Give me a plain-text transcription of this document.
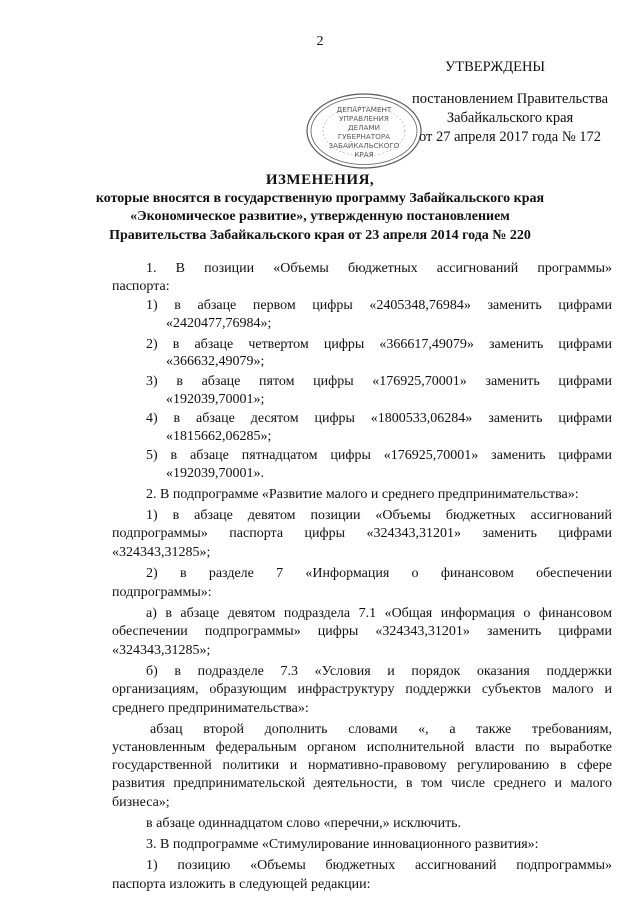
2
УТВЕРЖДЕНЫ
ДЕПАРТАМЕНТ
УПРАВЛЕНИЯ
ДЕЛАМИ
ГУБЕРНАТОРА
ЗАБАЙКАЛЬСКОГО
КРАЯ
постановлением Правительства
Забайкальского края
от 27 апреля 2017 года № 172
ИЗМЕНЕНИЯ,
которые вносятся в государственную программу Забайкальского края
«Экономическое развитие», утвержденную постановлением
Правительства Забайкальского края от 23 апреля 2014 года № 220
1. В позиции «Объемы бюджетных ассигнований программы»
паспорта:
1) в абзаце первом цифры «2405348,76984» заменить цифрами
«2420477,76984»;
2) в абзаце четвертом цифры «366617,49079» заменить цифрами
«366632,49079»;
3) в абзаце пятом цифры «176925,70001» заменить цифрами
«192039,70001»;
4) в абзаце десятом цифры «1800533,06284» заменить цифрами
«1815662,06285»;
5) в абзаце пятнадцатом цифры «176925,70001» заменить цифрами
«192039,70001».
2. В подпрограмме «Развитие малого и среднего предпринимательства»:
1) в абзаце девятом позиции «Объемы бюджетных ассигнований
подпрограммы» паспорта цифры «324343,31201» заменить цифрами
«324343,31285»;
2) в разделе 7 «Информация о финансовом обеспечении
подпрограммы»:
а) в абзаце девятом подраздела 7.1 «Общая информация о финансовом
обеспечении подпрограммы» цифры «324343,31201» заменить цифрами
«324343,31285»;
б) в подразделе 7.3 «Условия и порядок оказания поддержки
организациям, образующим инфраструктуру поддержки субъектов малого и
среднего предпринимательства»:
абзац второй дополнить словами «, а также требованиям,
установленным федеральным органом исполнительной власти по выработке
государственной политики и нормативно-правовому регулированию в сфере
развития предпринимательской деятельности, в том числе среднего и малого
бизнеса»;
в абзаце одиннадцатом слово «перечни,» исключить.
3. В подпрограмме «Стимулирование инновационного развития»:
1) позицию «Объемы бюджетных ассигнований подпрограммы»
паспорта изложить в следующей редакции:
